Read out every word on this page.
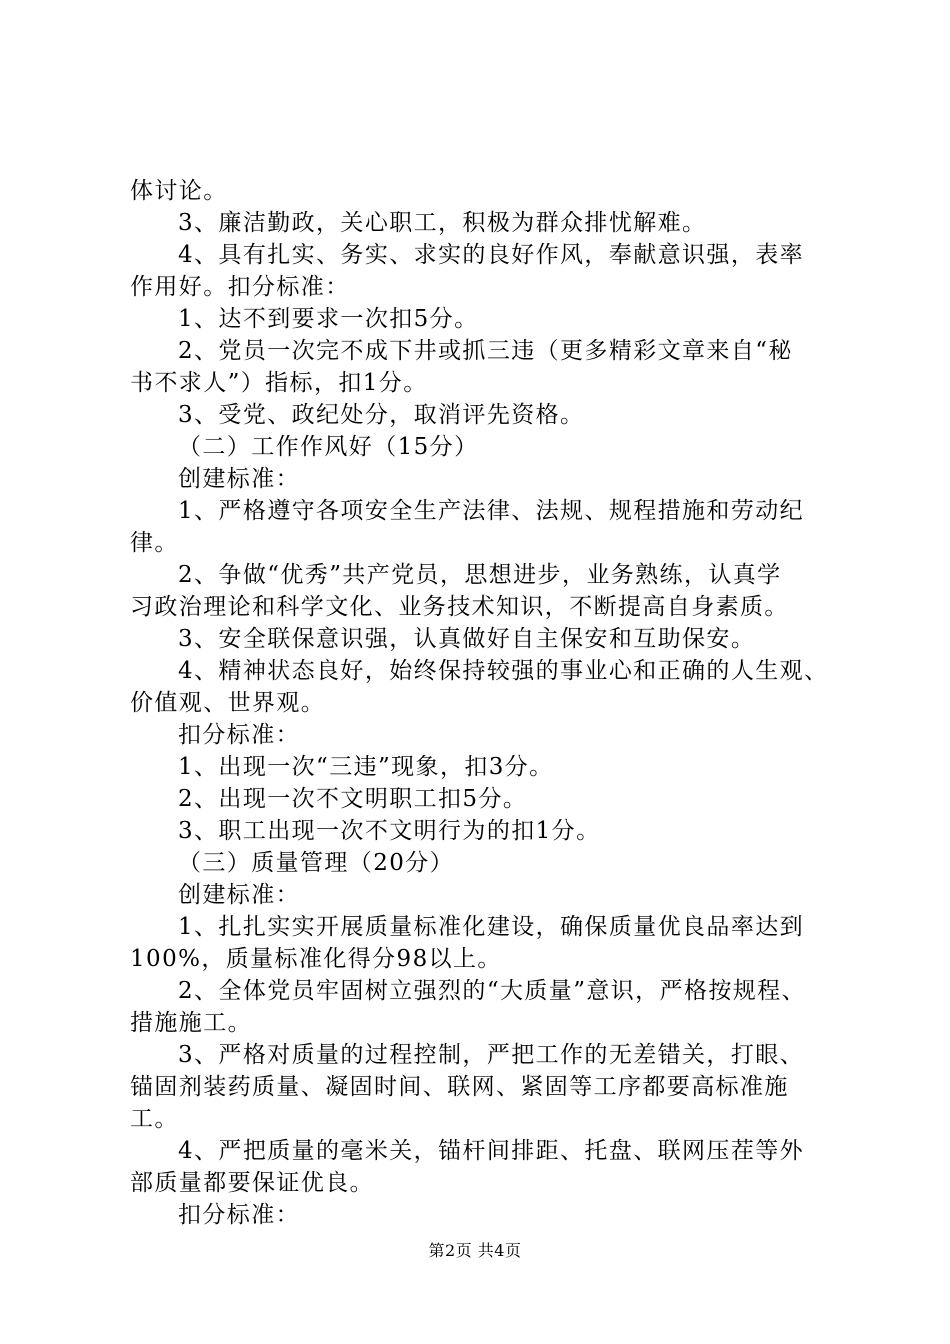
体讨论。
3、廉洁勤政，关心职工，积极为群众排忧解难。
4、具有扎实、务实、求实的良好作风，奉献意识强，表率
作用好。扣分标准：
1、达不到要求一次扣5分。
2、党员一次完不成下井或抓三违（更多精彩文章来自“秘
书不求人”）指标，扣1分。
3、受党、政纪处分，取消评先资格。
（二）工作作风好（15分）
创建标准：
1、严格遵守各项安全生产法律、法规、规程措施和劳动纪
律。
2、争做“优秀”共产党员，思想进步，业务熟练，认真学
习政治理论和科学文化、业务技术知识，不断提高自身素质。
3、安全联保意识强，认真做好自主保安和互助保安。
4、精神状态良好，始终保持较强的事业心和正确的人生观、
价值观、世界观。
扣分标准：
1、出现一次“三违”现象，扣3分。
2、出现一次不文明职工扣5分。
3、职工出现一次不文明行为的扣1分。
（三）质量管理（20分）
创建标准：
1、扎扎实实开展质量标准化建设，确保质量优良品率达到
100%，质量标准化得分98以上。
2、全体党员牢固树立强烈的“大质量”意识，严格按规程、
措施施工。
3、严格对质量的过程控制，严把工作的无差错关，打眼、
锚固剂装药质量、凝固时间、联网、紧固等工序都要高标准施
工。
4、严把质量的毫米关，锚杆间排距、托盘、联网压茬等外
部质量都要保证优良。
扣分标准：
第2页 共4页
